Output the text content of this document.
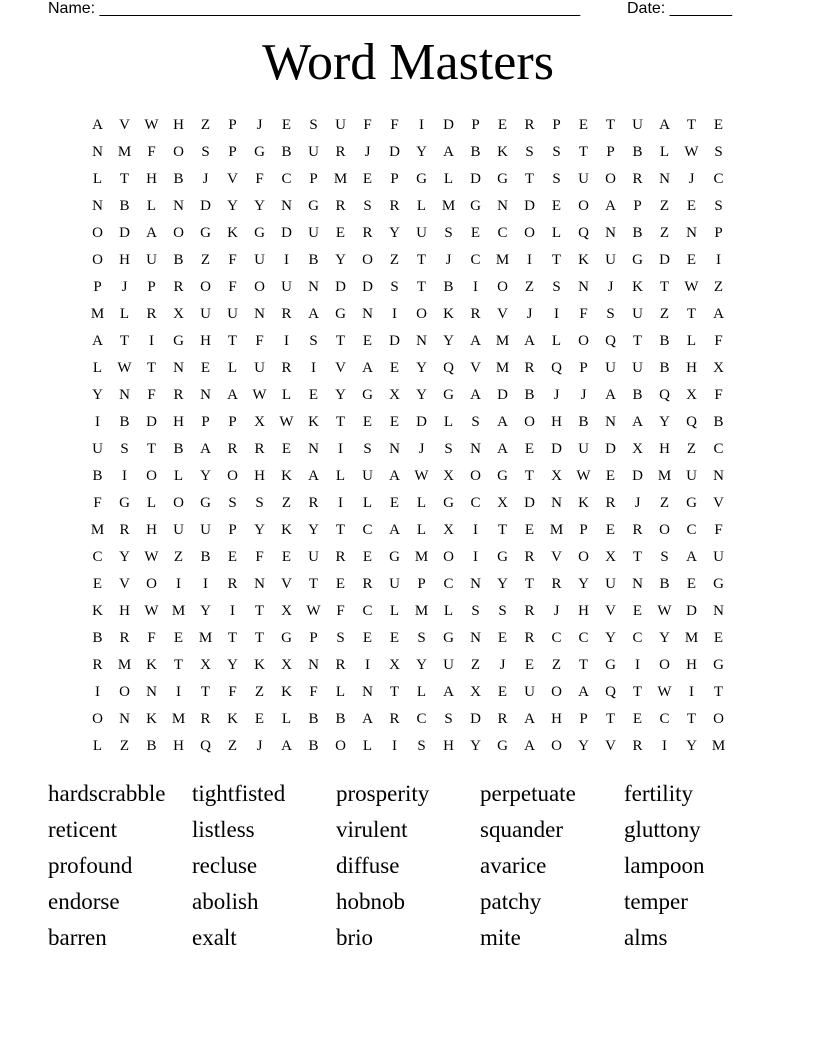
Name: ______________________________________________________

	Date: _______

Word Masters
A	V W H	Z	P	J	E	S	U	F	F	I	D	P	E	R	P	E	T	U	A	T	E
N M	F	O	S	P	G	B	U	R	J	D	Y	A	B	K	S	S	T	P	B	L	W	S
L	T	H	B	J	V	F	C	P	M	E	P	G	L	D	G	T	S	U	O	R	N	J	C
N	B	L	N	D	Y	Y	N	G	R	S	R	L	M G	N	D	E	O	A	P	Z	E	S
O	D	A	O	G	K	G	D	U	E	R	Y	U	S	E	C	O	L	Q	N	B	Z	N	P
O	H	U	B	Z	F	U	I	B	Y	O	Z	T	J	C	M	I	T	K	U	G	D	E	I
P	J	P	R	O	F	O	U	N	D	D	S	T	B	I	O	Z	S	N	J	K	T	W	Z
M	L	R	X	U	U	N	R	A	G	N	I	O	K	R	V	J	I	F	S	U	Z	T	A
A	T	I	G	H	T	F	I	S	T	E	D	N	Y	A M A	L	O	Q	T	B	L	F
L	W	T	N	E	L	U	R	I	V	A	E	Y	Q	V M	R	Q	P	U	U	B	H	X
Y	N	F	R	N	A W	L	E	Y	G	X	Y	G	A	D	B	J	J	A	B	Q	X	F
I	B	D	H	P	P	X W K	T	E	E	D	L	S	A	O	H	B	N	A	Y	Q	B
U	S	T	B	A	R	R	E	N	I	S	N	J	S	N	A	E	D	U	D	X	H	Z	C
B	I	O	L	Y	O	H	K	A	L	U	A W X	O	G	T	X W	E	D M U	N
F	G	L	O	G	S	S	Z	R	I	L	E	L	G	C	X	D	N	K	R	J	Z	G	V
M	R	H	U	U	P	Y	K	Y	T	C	A	L	X	I	T	E	M	P	E	R	O	C	F
C	Y W	Z	B	E	F	E	U	R	E	G M O	I	G	R	V	O	X	T	S	A	U
E	V	O	I	I	R	N	V	T	E	R	U	P	C	N	Y	T	R	Y	U	N	B	E	G
K	H W M Y	I	T	X W	F	C	L	M	L	S	S	R	J	H	V	E	W D	N
B	R	F	E	M	T	T	G	P	S	E	E	S	G	N	E	R	C	C	Y	C	Y M	E
R	M K	T	X	Y	K	X	N	R	I	X	Y	U	Z	J	E	Z	T	G	I	O	H	G
I	O	N	I	T	F	Z	K	F	L	N	T	L	A	X	E	U	O	A	Q	T	W	I	T
O	N	K M	R	K	E	L	B	B	A	R	C	S	D	R	A	H	P	T	E	C	T	O
L	Z	B	H	Q	Z	J	A	B	O	L	I	S	H	Y	G	A	O	Y	V	R	I	Y M
hardscrabble	tightfisted	prosperity	perpetuate	fertility
reticent	listless	virulent	squander	gluttony
profound	recluse	diffuse	avarice	lampoon
endorse	abolish	hobnob	patchy	temper
barren	exalt	brio	mite	alms
